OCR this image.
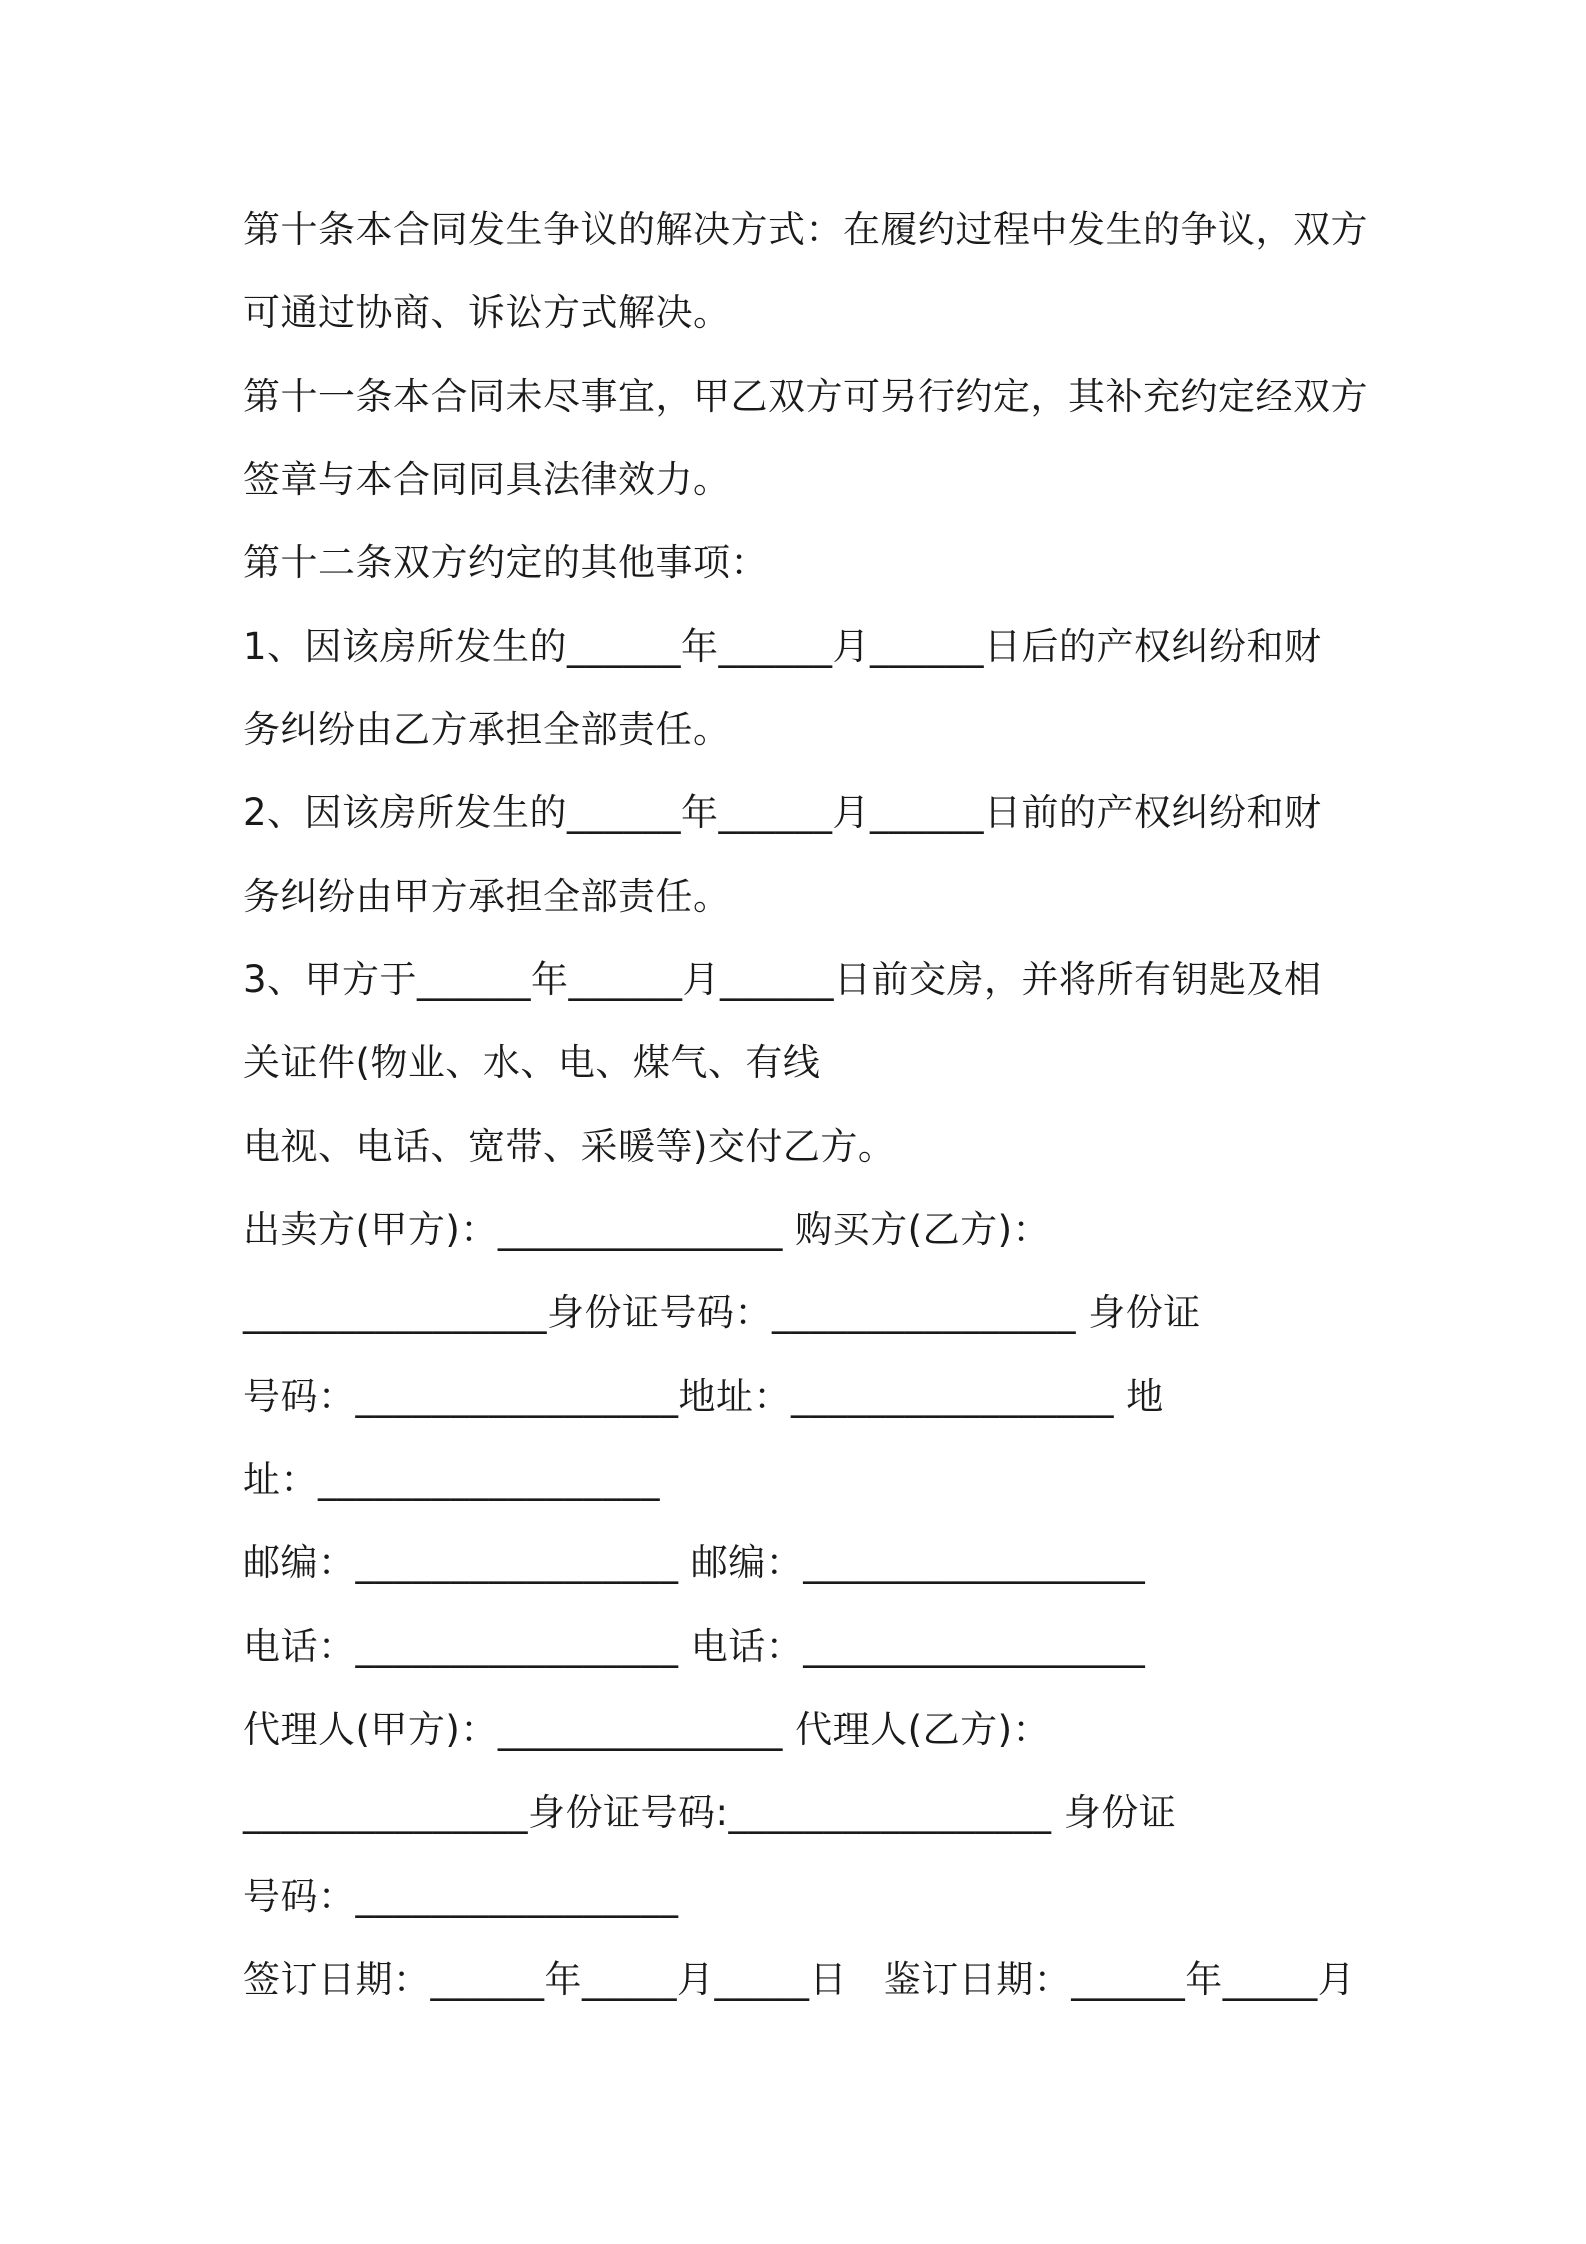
第十条本合同发生争议的解决方式：在履约过程中发生的争议，双方
可通过协商、诉讼方式解决。
第十一条本合同未尽事宜，甲乙双方可另行约定，其补充约定经双方
签章与本合同同具法律效力。
第十二条双方约定的其他事项：
1、因该房所发生的______年______月______日后的产权纠纷和财
务纠纷由乙方承担全部责任。
2、因该房所发生的______年______月______日前的产权纠纷和财
务纠纷由甲方承担全部责任。
3、甲方于______年______月______日前交房，并将所有钥匙及相
关证件(物业、水、电、煤气、有线
电视、电话、宽带、采暖等)交付乙方。
出卖方(甲方)：_______________ 购买方(乙方)：
________________身份证号码：________________ 身份证
号码：_________________地址：_________________ 地
址：__________________
邮编：_________________ 邮编：__________________
电话：_________________ 电话：__________________
代理人(甲方)：_______________ 代理人(乙方)：
_______________身份证号码:_________________ 身份证
号码：_________________
签订日期：______年_____月_____日   鉴订日期：______年_____月
